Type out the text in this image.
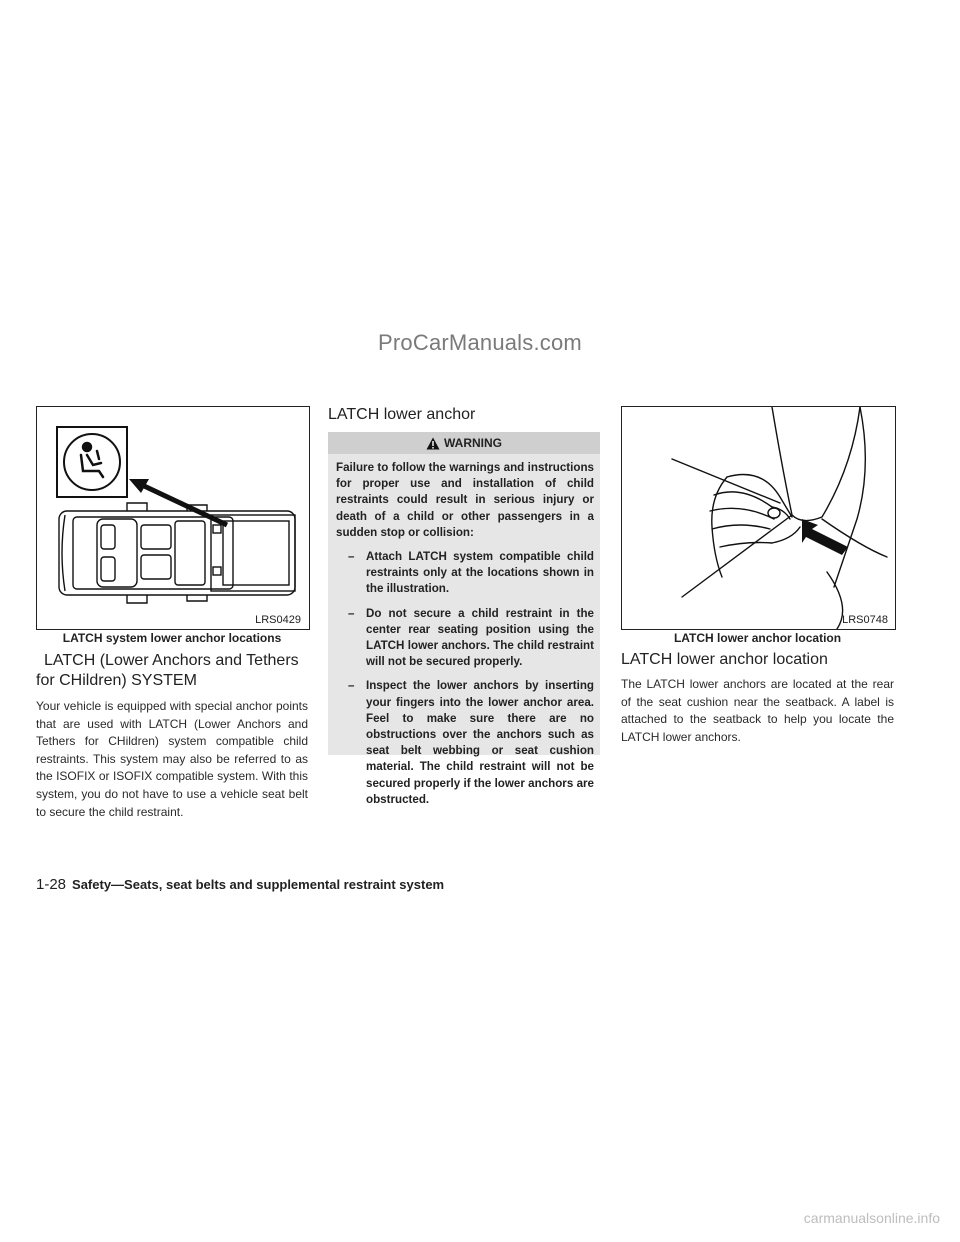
ProCarManuals.com
LRS0429
LATCH system lower anchor locations
LATCH (Lower Anchors and Tethers
for CHildren) SYSTEM
Your vehicle is equipped with special anchor points that are used with LATCH (Lower Anchors and Tethers for CHildren) system compatible child restraints. This system may also be referred to as the ISOFIX or ISOFIX compatible system. With this system, you do not have to use a vehicle seat belt to secure the child restraint.
LATCH lower anchor
WARNING
Failure to follow the warnings and instructions for proper use and installation of child restraints could result in serious injury or death of a child or other passengers in a sudden stop or collision:
– Attach LATCH system compatible child restraints only at the locations shown in the illustration.
– Do not secure a child restraint in the center rear seating position using the LATCH lower anchors. The child restraint will not be secured properly.
– Inspect the lower anchors by inserting your fingers into the lower anchor area. Feel to make sure there are no obstructions over the anchors such as seat belt webbing or seat cushion material. The child restraint will not be secured properly if the lower anchors are obstructed.
LRS0748
LATCH lower anchor location
LATCH lower anchor location
The LATCH lower anchors are located at the rear of the seat cushion near the seatback. A label is attached to the seatback to help you locate the LATCH lower anchors.
1-28 Safety—Seats, seat belts and supplemental restraint system
carmanualsonline.info
